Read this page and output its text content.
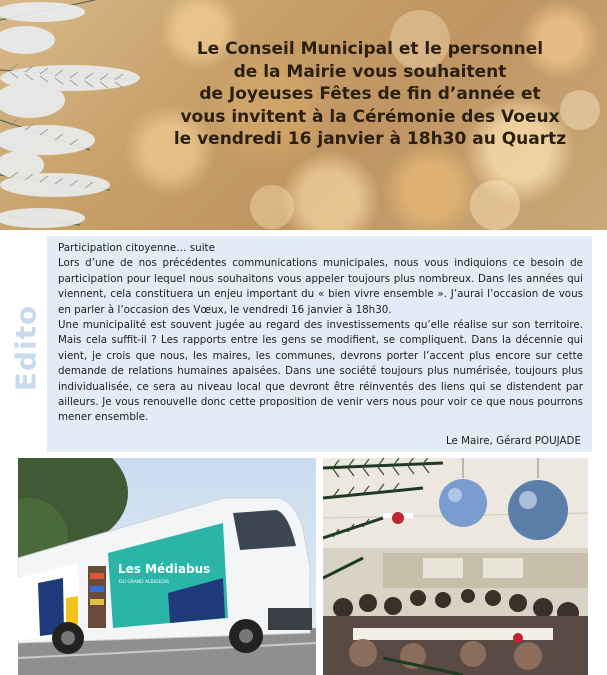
Le Conseil Municipal et le personnel
de la Mairie vous souhaitent
de Joyeuses Fêtes de fin d’année et
vous invitent à la Cérémonie des Voeux
le vendredi 16 janvier à 18h30 au Quartz
Edito

Participation citoyenne… suite

Lors d’une de nos précédentes communications municipales, nous vous indiquions ce besoin de participation pour lequel nous souhaitons vous appeler toujours plus nombreux. Dans les années qui viennent, cela constituera un enjeu important du « bien vivre ensemble ». J’aurai l’occasion de vous en parler à l’occasion des Vœux, le vendredi 16 janvier à 18h30.

Une municipalité est souvent jugée au regard des investissements qu’elle réalise sur son territoire. Mais cela suffit-il ? Les rapports entre les gens se modifient, se compliquent. Dans la décennie qui vient, je crois que nous, les maires, les communes, devrons porter l’accent plus encore sur cette demande de relations humaines apaisées. Dans une société toujours plus numérisée, toujours plus individualisée, ce sera au niveau local que devront être réinventés des liens qui se distendent par ailleurs. Je vous renouvelle donc cette proposition de venir vers nous pour voir ce que nous pourrons mener ensemble.

Le Maire, Gérard POUJADE

Les Médiabus
DU GRAND ALBIGEOIS
